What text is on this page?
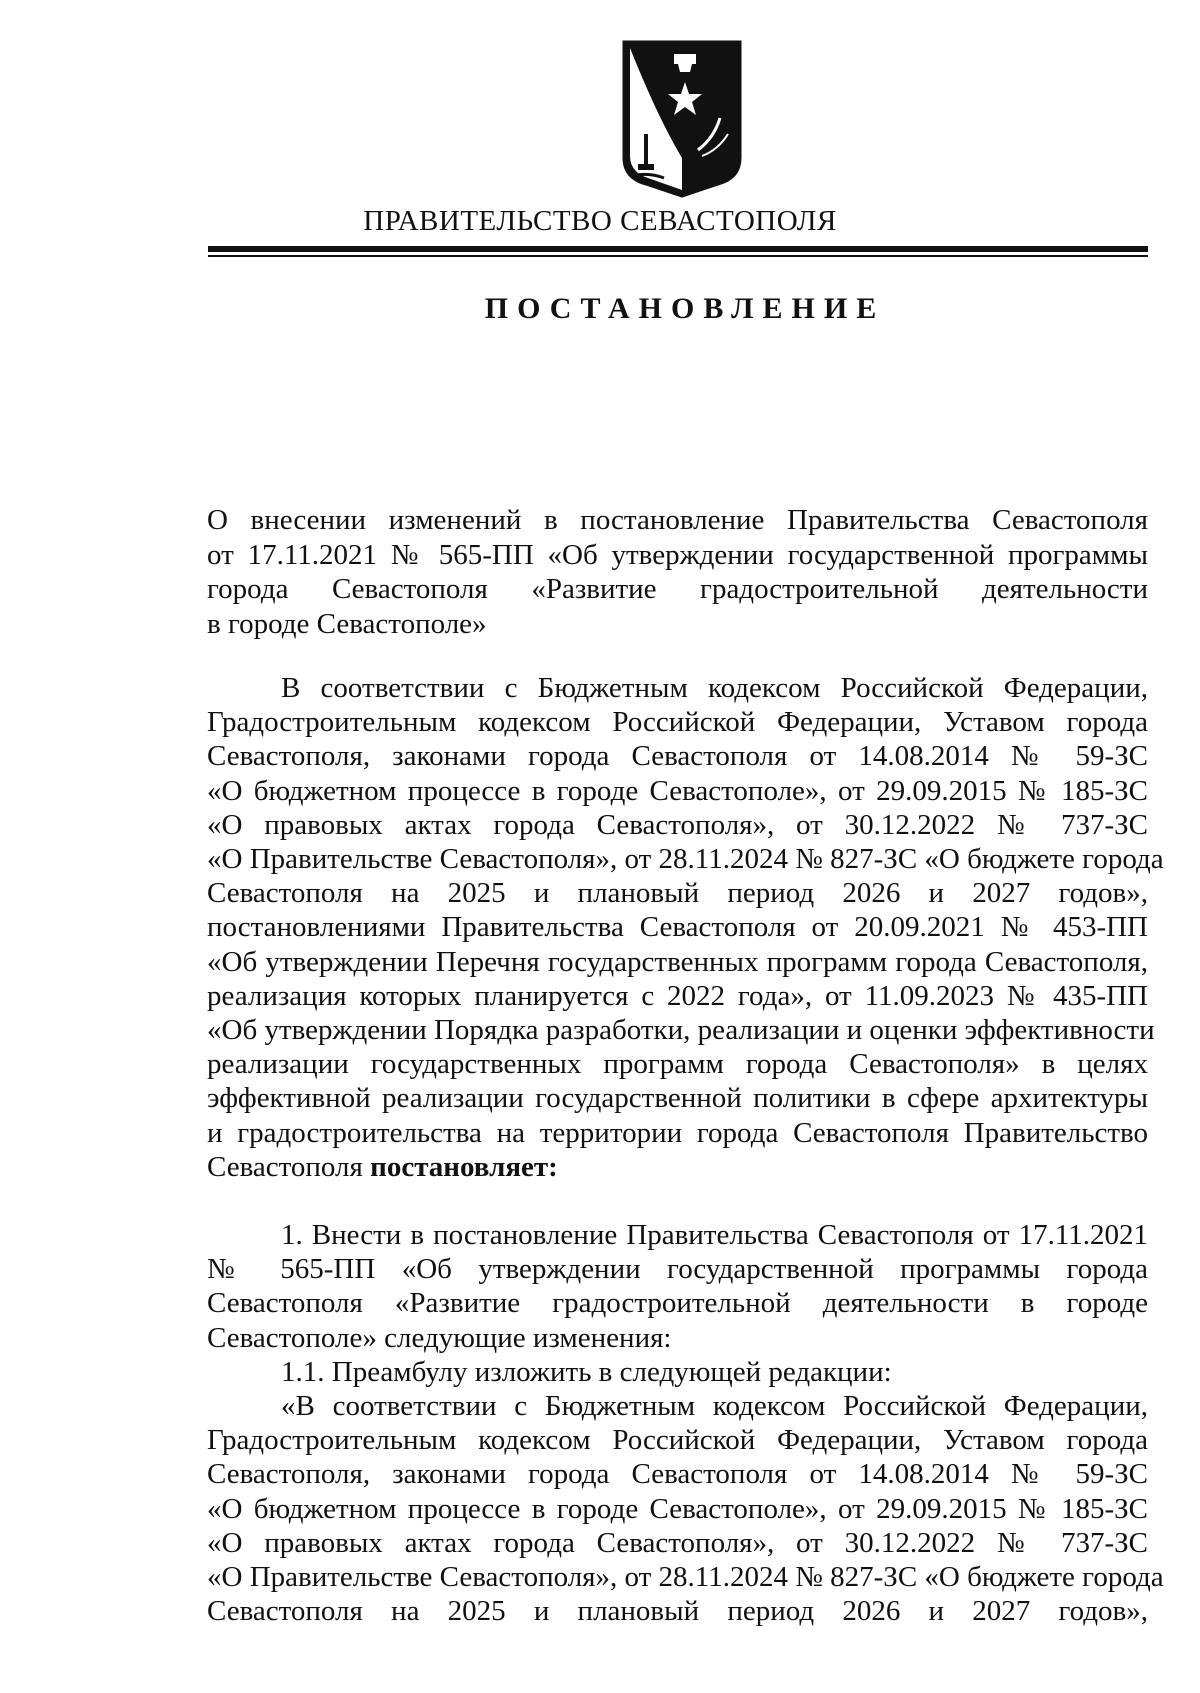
ПРАВИТЕЛЬСТВО СЕВАСТОПОЛЯ
ПОСТАНОВЛЕНИЕ
О внесении изменений в постановление Правительства Севастополя
от 17.11.2021 № 565-ПП «Об утверждении государственной программы
города Севастополя «Развитие градостроительной деятельности
в городе Севастополе»
В соответствии с Бюджетным кодексом Российской Федерации,
Градостроительным кодексом Российской Федерации, Уставом города
Севастополя, законами города Севастополя от 14.08.2014 № 59-ЗС
«О бюджетном процессе в городе Севастополе», от 29.09.2015 № 185-ЗС
«О правовых актах города Севастополя», от 30.12.2022 № 737-ЗС
«О Правительстве Севастополя», от 28.11.2024 № 827-ЗС «О бюджете города
Севастополя на 2025 и плановый период 2026 и 2027 годов»,
постановлениями Правительства Севастополя от 20.09.2021 № 453-ПП
«Об утверждении Перечня государственных программ города Севастополя,
реализация которых планируется с 2022 года», от 11.09.2023 № 435-ПП
«Об утверждении Порядка разработки, реализации и оценки эффективности
реализации государственных программ города Севастополя» в целях
эффективной реализации государственной политики в сфере архитектуры
и градостроительства на территории города Севастополя Правительство
Севастополя постановляет:
1. Внести в постановление Правительства Севастополя от 17.11.2021
№ 565-ПП «Об утверждении государственной программы города
Севастополя «Развитие градостроительной деятельности в городе
Севастополе» следующие изменения:
1.1. Преамбулу изложить в следующей редакции:
«В соответствии с Бюджетным кодексом Российской Федерации,
Градостроительным кодексом Российской Федерации, Уставом города
Севастополя, законами города Севастополя от 14.08.2014 № 59-ЗС
«О бюджетном процессе в городе Севастополе», от 29.09.2015 № 185-ЗС
«О правовых актах города Севастополя», от 30.12.2022 № 737-ЗС
«О Правительстве Севастополя», от 28.11.2024 № 827-ЗС «О бюджете города
Севастополя на 2025 и плановый период 2026 и 2027 годов»,
